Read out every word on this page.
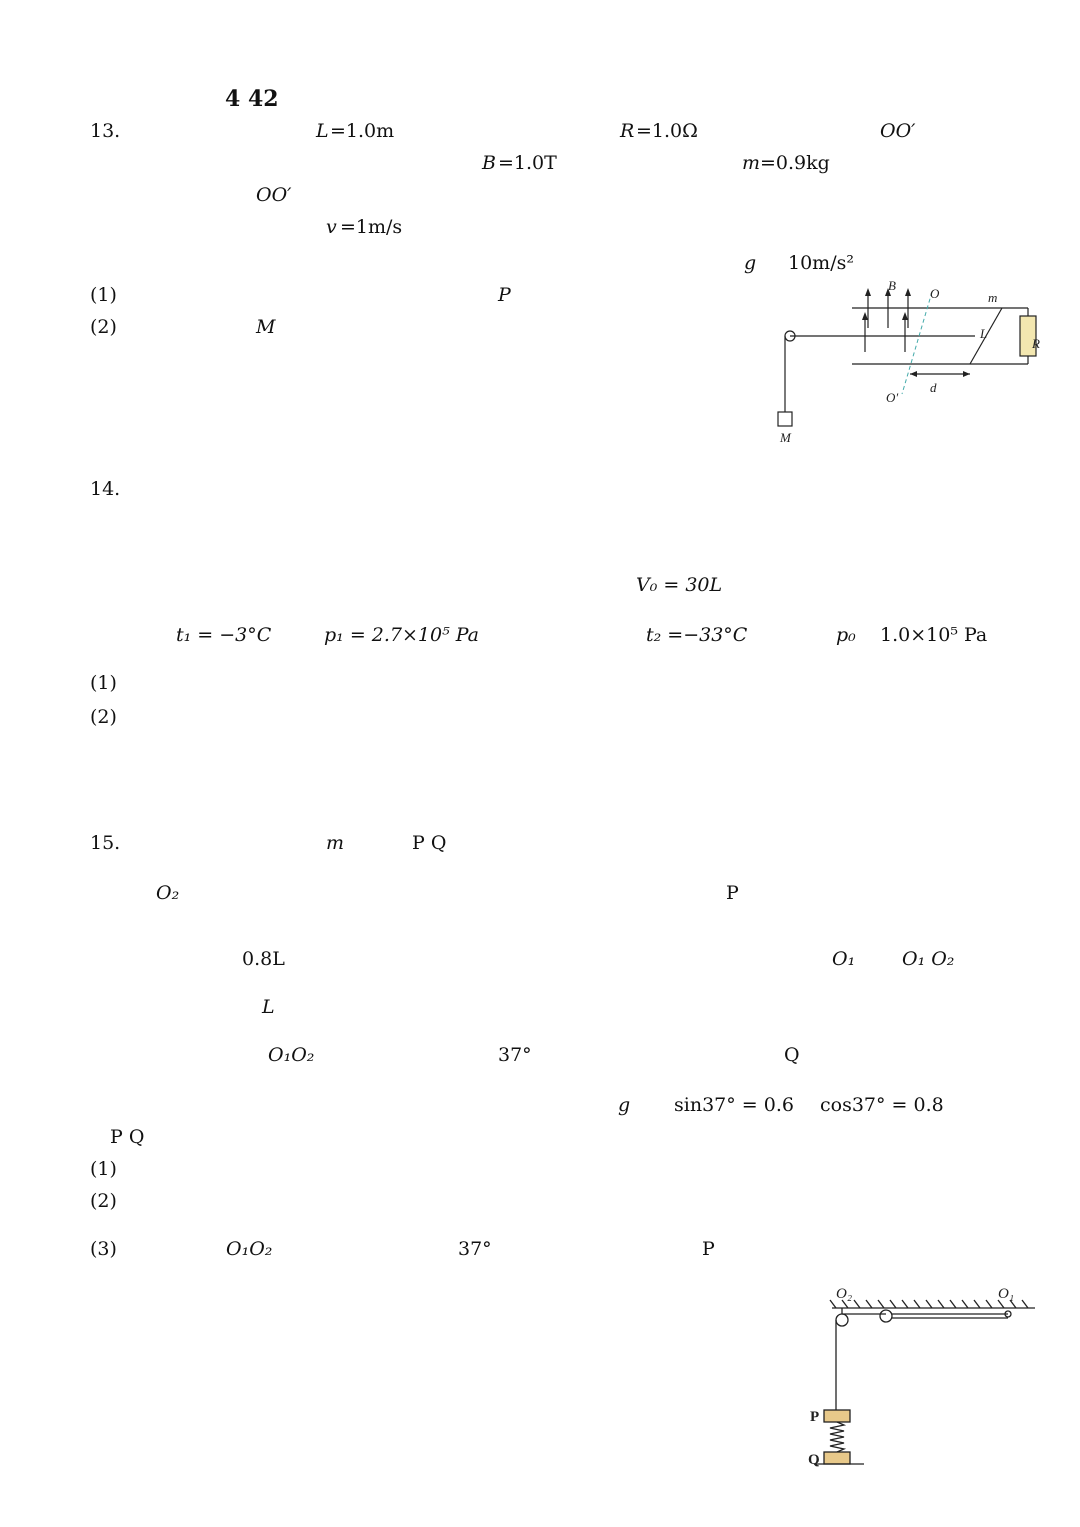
4 42
13.	L =1.0m	R =1.0Ω	OO′
B =1.0T	m =0.9kg
OO′
v =1m/s
g 10m/s²
(1)	P
(2)	M
B
O	m
L
R
O′
d
M
14.
V₀ = 30L
t₁ = −3°C	p₁ = 2.7×10⁵ Pa	t₂ =−33°C	p₀ 1.0×10⁵ Pa
(1)
(2)
15.	m	P Q
O₂	P
0.8L	O₁ O₁ O₂
L
O₁O₂	37°	Q
g sin37° = 0.6 cos37° = 0.8
P Q
(1)
(2)
(3)	O₁O₂	37°	P
O₂	O₁
P
Q
